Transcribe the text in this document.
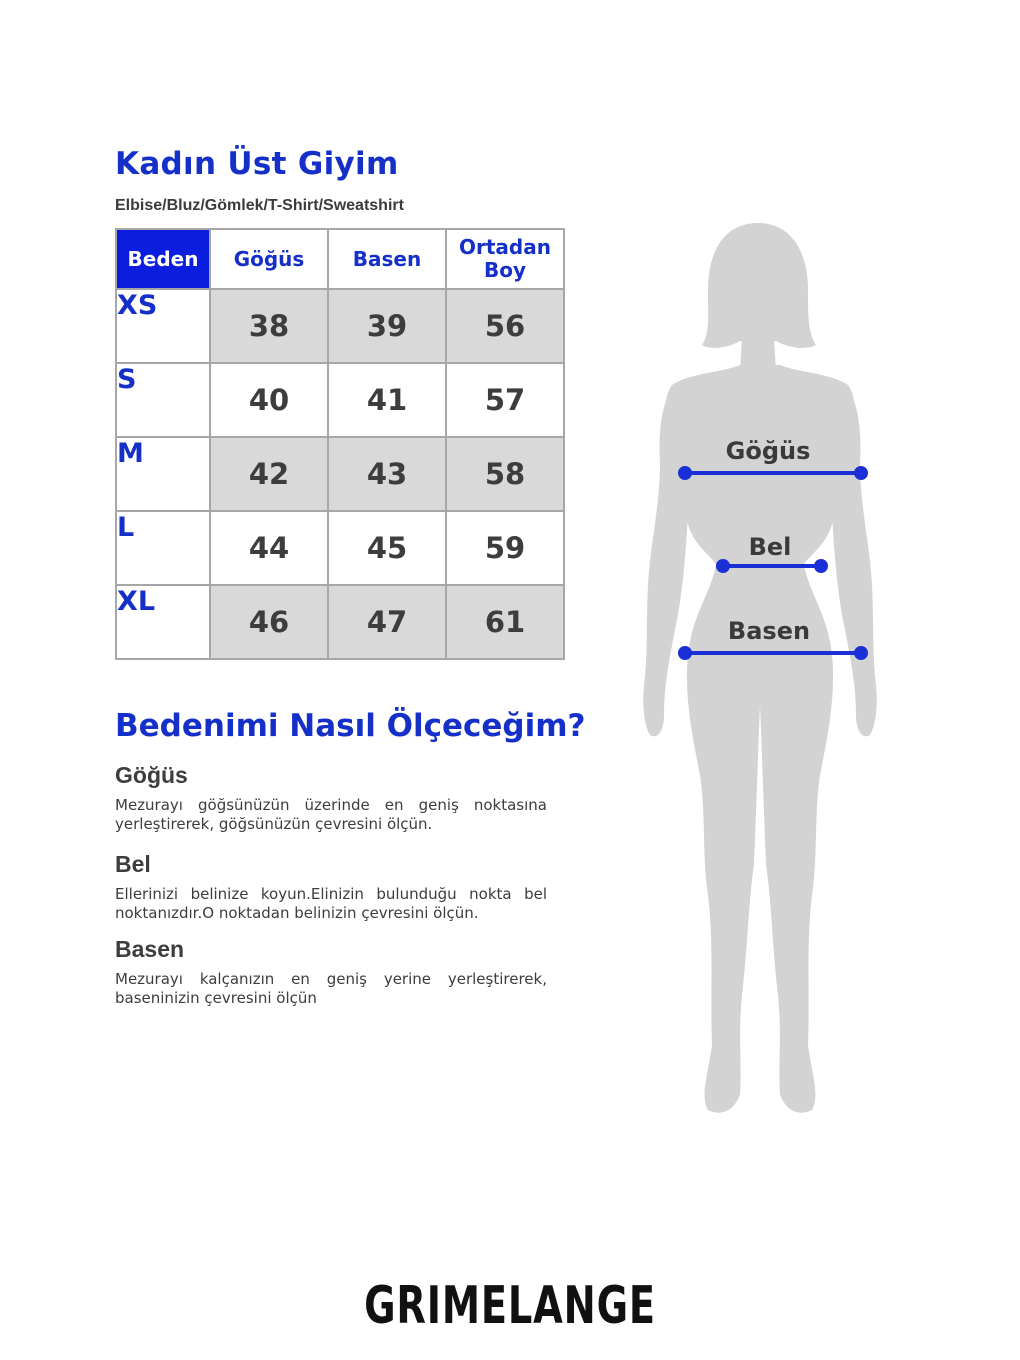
Kadın Üst Giyim
Elbise/Bluz/Gömlek/T-Shirt/Sweatshirt
Beden	Göğüs	Basen	Ortadan
Boy
XS	38	39	56
S	40	41	57
M	42	43	58
L	44	45	59
XL	46	47	61
Bedenimi Nasıl Ölçeceğim?
Göğüs

Mezurayı göğsünüzün üzerinde en geniş noktasına yerleştirerek, göğsünüzün çevresini ölçün.

Bel

Ellerinizi belinize koyun.Elinizin bulunduğu nokta bel noktanızdır.O noktadan belinizin çevresini ölçün.

Basen

Mezurayı kalçanızın en geniş yerine yerleştirerek, baseninizin çevresini ölçün

Göğüs
Bel
Basen
GRIMELANGE
